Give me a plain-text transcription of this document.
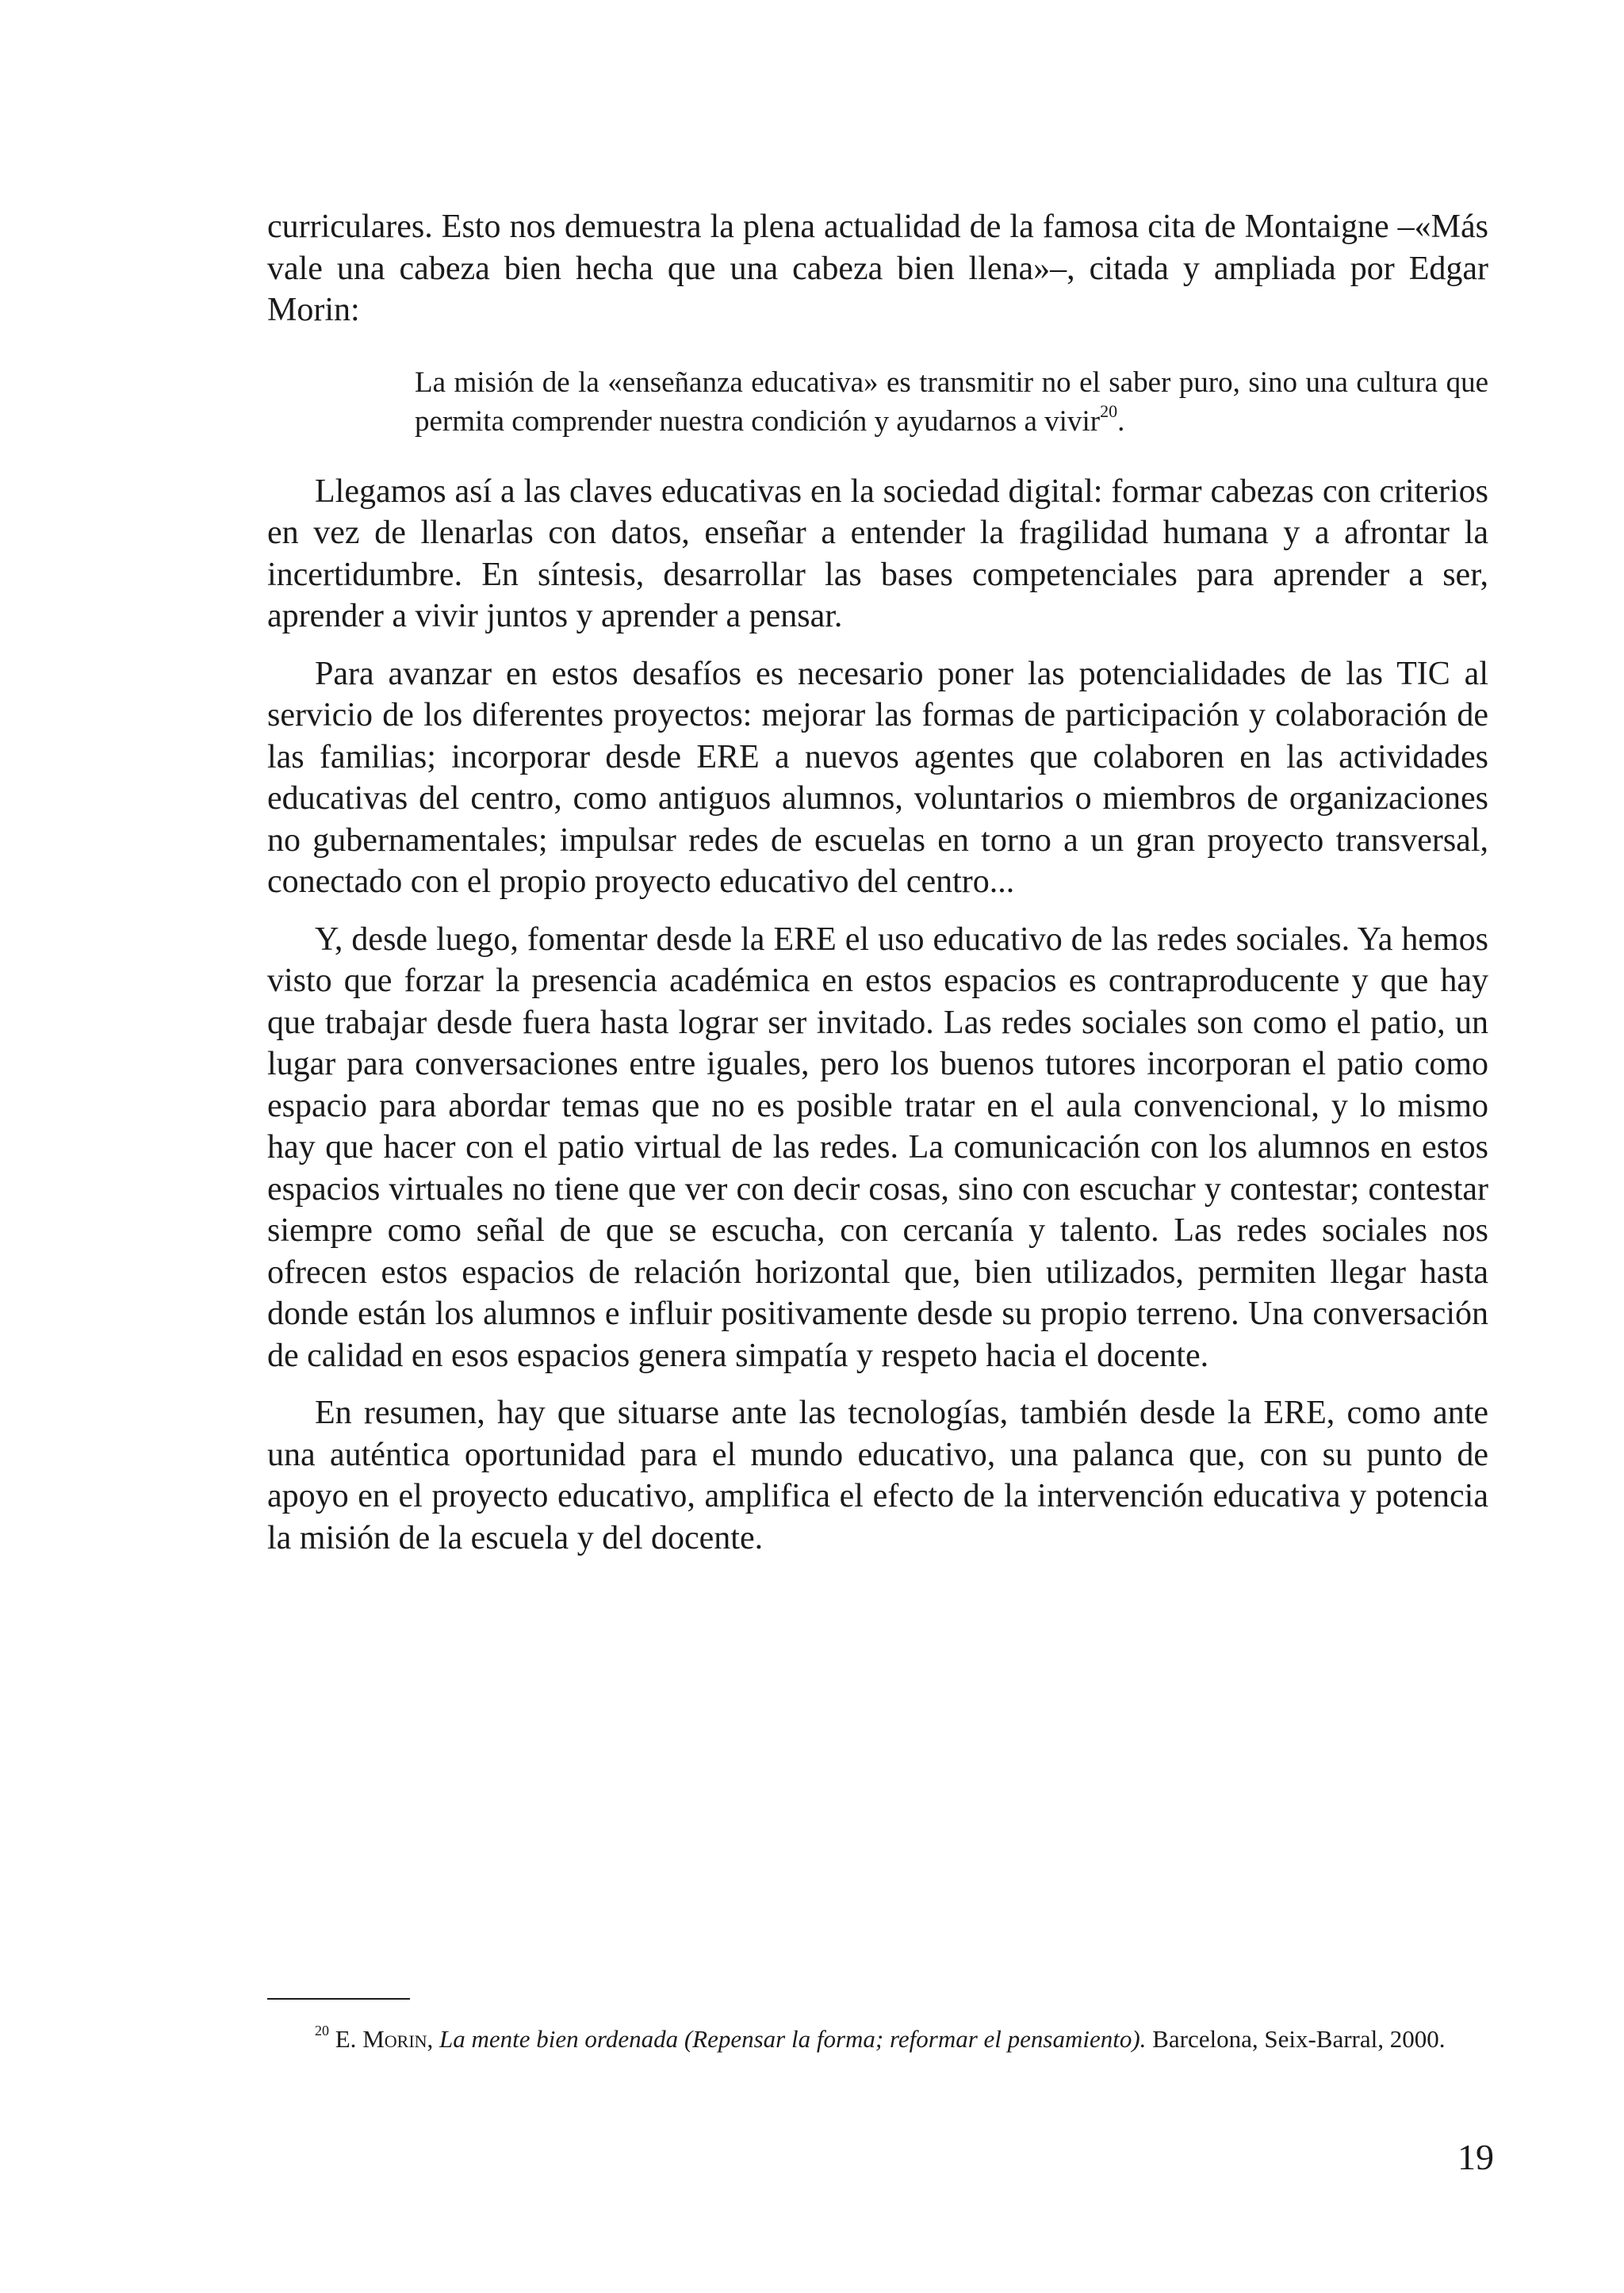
curriculares. Esto nos demuestra la plena actualidad de la famosa cita de Montaigne –«Más vale una cabeza bien hecha que una cabeza bien llena»–, citada y ampliada por Edgar Morin:

La misión de la «enseñanza educativa» es transmitir no el saber puro, sino una cultura que permita comprender nuestra condición y ayudarnos a vivir$^{20}$.

Llegamos así a las claves educativas en la sociedad digital: formar cabezas con criterios en vez de llenarlas con datos, enseñar a entender la fragilidad humana y a afrontar la incertidumbre. En síntesis, desarrollar las bases competenciales para aprender a ser, aprender a vivir juntos y aprender a pensar.

Para avanzar en estos desafíos es necesario poner las potencialidades de las TIC al servicio de los diferentes proyectos: mejorar las formas de participación y colaboración de las familias; incorporar desde ERE a nuevos agentes que colaboren en las actividades educativas del centro, como antiguos alumnos, voluntarios o miembros de organizaciones no gubernamentales; impulsar redes de escuelas en torno a un gran proyecto transversal, conectado con el propio proyecto educativo del centro...

Y, desde luego, fomentar desde la ERE el uso educativo de las redes sociales. Ya hemos visto que forzar la presencia académica en estos espacios es contraproducente y que hay que trabajar desde fuera hasta lograr ser invitado. Las redes sociales son como el patio, un lugar para conversaciones entre iguales, pero los buenos tutores incorporan el patio como espacio para abordar temas que no es posible tratar en el aula convencional, y lo mismo hay que hacer con el patio virtual de las redes. La comunicación con los alumnos en estos espacios virtuales no tiene que ver con decir cosas, sino con escuchar y contestar; contestar siempre como señal de que se escucha, con cercanía y talento. Las redes sociales nos ofrecen estos espacios de relación horizontal que, bien utilizados, permiten llegar hasta donde están los alumnos e influir positivamente desde su propio terreno. Una conversación de calidad en esos espacios genera simpatía y respeto hacia el docente.

En resumen, hay que situarse ante las tecnologías, también desde la ERE, como ante una auténtica oportunidad para el mundo educativo, una palanca que, con su punto de apoyo en el proyecto educativo, amplifica el efecto de la intervención educativa y potencia la misión de la escuela y del docente.

$^{20}$ E. Morin, La mente bien ordenada (Repensar la forma; reformar el pensamiento). Barcelona, Seix-Barral, 2000.

19
